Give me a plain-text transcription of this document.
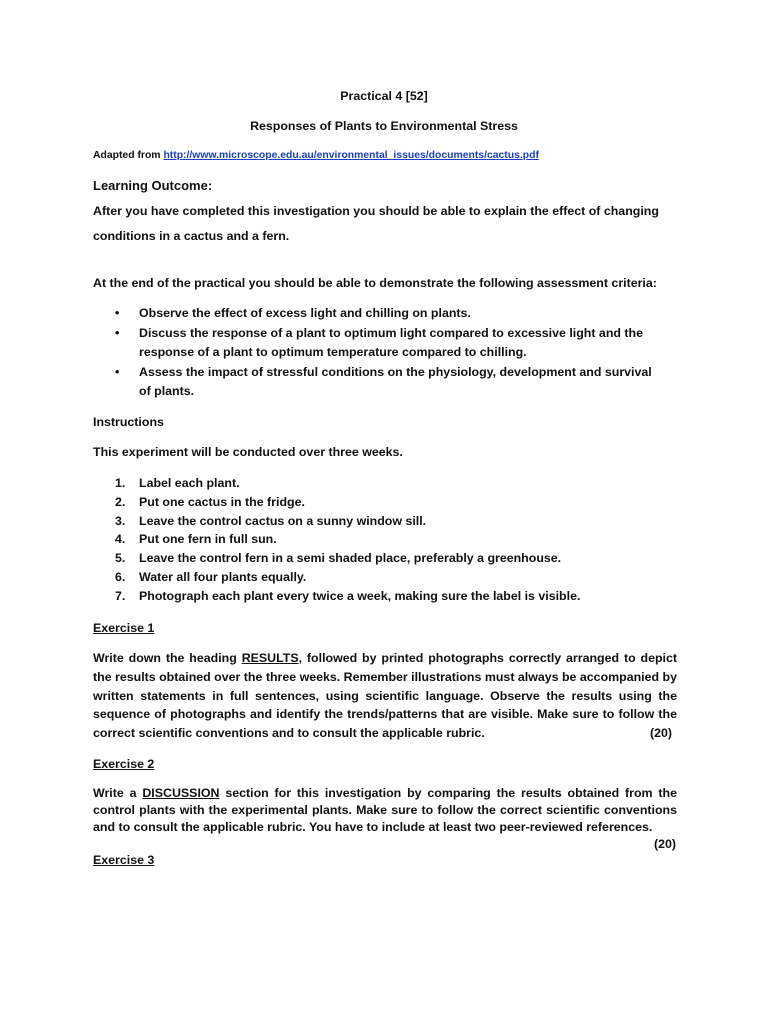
Practical 4 [52]
Responses of Plants to Environmental Stress
Adapted from http://www.microscope.edu.au/environmental_issues/documents/cactus.pdf
Learning Outcome:
After you have completed this investigation you should be able to explain the effect of changing conditions in a cactus and a fern.
At the end of the practical you should be able to demonstrate the following assessment criteria:
• Observe the effect of excess light and chilling on plants.
• Discuss the response of a plant to optimum light compared to excessive light and the response of a plant to optimum temperature compared to chilling.
• Assess the impact of stressful conditions on the physiology, development and survival of plants.
Instructions
This experiment will be conducted over three weeks.
1. Label each plant.
2. Put one cactus in the fridge.
3. Leave the control cactus on a sunny window sill.
4. Put one fern in full sun.
5. Leave the control fern in a semi shaded place, preferably a greenhouse.
6. Water all four plants equally.
7. Photograph each plant every twice a week, making sure the label is visible.
Exercise 1
Write down the heading RESULTS, followed by printed photographs correctly arranged to depict the results obtained over the three weeks. Remember illustrations must always be accompanied by written statements in full sentences, using scientific language. Observe the results using the sequence of photographs and identify the trends/patterns that are visible. Make sure to follow the correct scientific conventions and to consult the applicable rubric.	(20)
Exercise 2
Write a DISCUSSION section for this investigation by comparing the results obtained from the control plants with the experimental plants. Make sure to follow the correct scientific conventions and to consult the applicable rubric. You have to include at least two peer-reviewed references.
(20)
Exercise 3
